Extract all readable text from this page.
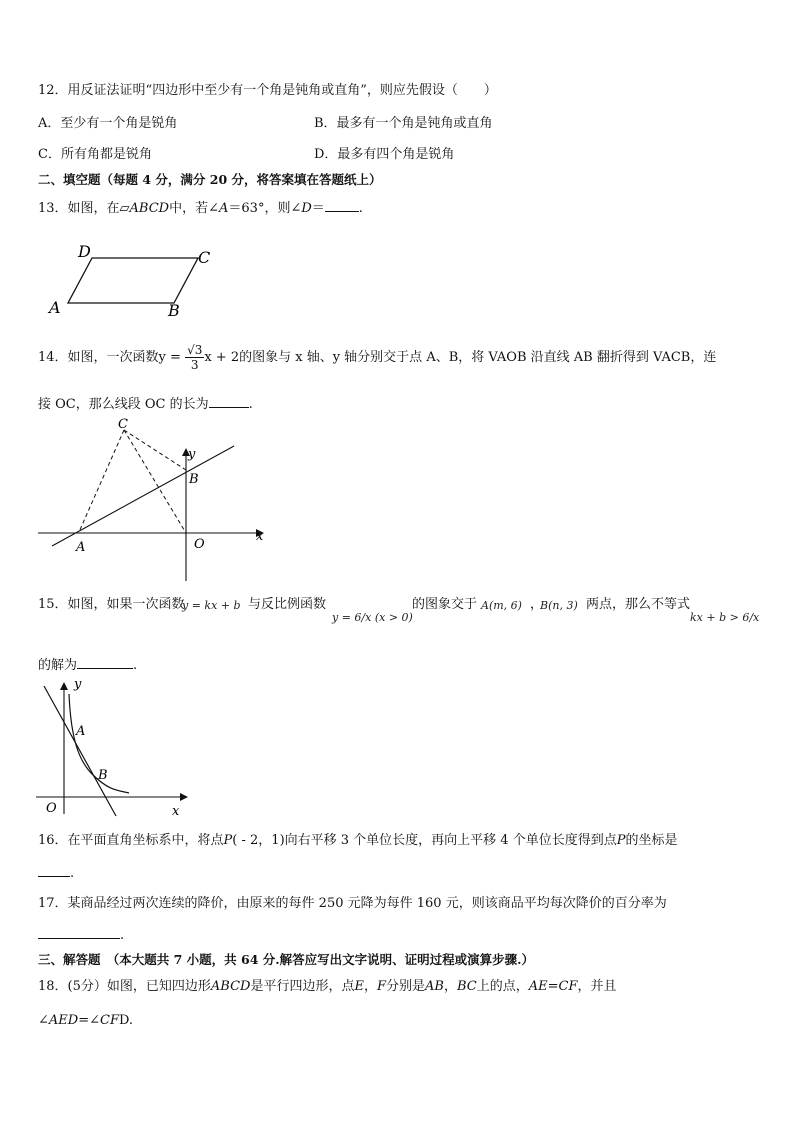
12．用反证法证明“四边形中至少有一个角是钝角或直角”，则应先假设（　　）
A．至少有一个角是锐角	B．最多有一个角是钝角或直角
C．所有角都是锐角	D．最多有四个角是锐角
二、填空题（每题 4 分，满分 20 分，将答案填在答题纸上）
13．如图，在▱ABCD中，若∠A＝63°，则∠D＝	.
D	C
A	B
14．如图，一次函数$y = \frac{√3}{3}$ x + 2的图象与 x 轴、y 轴分别交于点 A、B，将 VAOB 沿直线 AB 翻折得到 VACB，连
接 OC，那么线段 OC 的长为	.
C
y
B
A	O
x
15．如图，如果一次函数
y = kx + b 与反比例函数
y = 6/x (x > 0)
的图象交于 A(m, 6) ，
B(n, 3) 两点，那么不等式
kx + b > 6/x
的解为	.
y
A
B
O	x
16．在平面直角坐标系中，将点P( - 2，1)向右平移 3 个单位长度，再向上平移 4 个单位长度得到点P的坐标是
.
17．某商品经过两次连续的降价，由原来的每件 250 元降为每件 160 元，则该商品平均每次降价的百分率为
.
三、解答题　（本大题共 7 小题，共 64 分.解答应写出文字说明、证明过程或演算步骤.）
18．(5分）如图，已知四边形ABCD是平行四边形，点E，F分别是AB，BC上的点，AE=CF，并且
∠AED=∠CFD.
